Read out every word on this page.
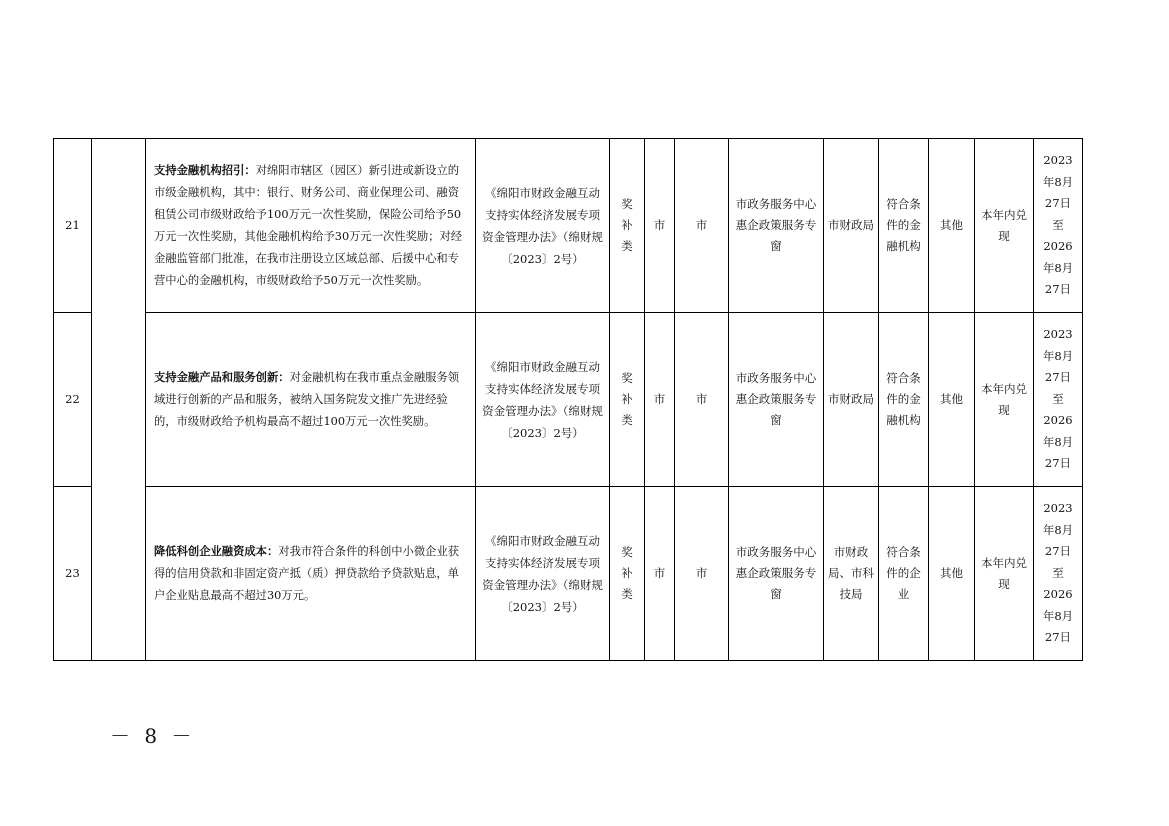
21		支持金融机构招引：对绵阳市辖区（园区）新引进或新设立的市级金融机构，其中：银行、财务公司、商业保理公司、融资租赁公司市级财政给予100万元一次性奖励，保险公司给予50万元一次性奖励，其他金融机构给予30万元一次性奖励；对经金融监管部门批准，在我市注册设立区域总部、后援中心和专营中心的金融机构，市级财政给予50万元一次性奖励。	《绵阳市财政金融互动支持实体经济发展专项资金管理办法》（绵财规〔2023〕2号）	奖补类	市	市	市政务服务中心惠企政策服务专窗	市财政局	符合条件的金融机构	其他	本年内兑现	2023年8月27日至2026年8月27日

22		支持金融产品和服务创新：对金融机构在我市重点金融服务领域进行创新的产品和服务，被纳入国务院发文推广先进经验的，市级财政给予机构最高不超过100万元一次性奖励。	《绵阳市财政金融互动支持实体经济发展专项资金管理办法》（绵财规〔2023〕2号）	奖补类	市	市	市政务服务中心惠企政策服务专窗	市财政局	符合条件的金融机构	其他	本年内兑现	2023年8月27日至2026年8月27日

23		降低科创企业融资成本：对我市符合条件的科创中小微企业获得的信用贷款和非固定资产抵（质）押贷款给予贷款贴息，单户企业贴息最高不超过30万元。	《绵阳市财政金融互动支持实体经济发展专项资金管理办法》（绵财规〔2023〕2号）	奖补类	市	市	市政务服务中心惠企政策服务专窗	市财政局、市科技局	符合条件的企业	其他	本年内兑现	2023年8月27日至2026年8月27日
－ 8 －
